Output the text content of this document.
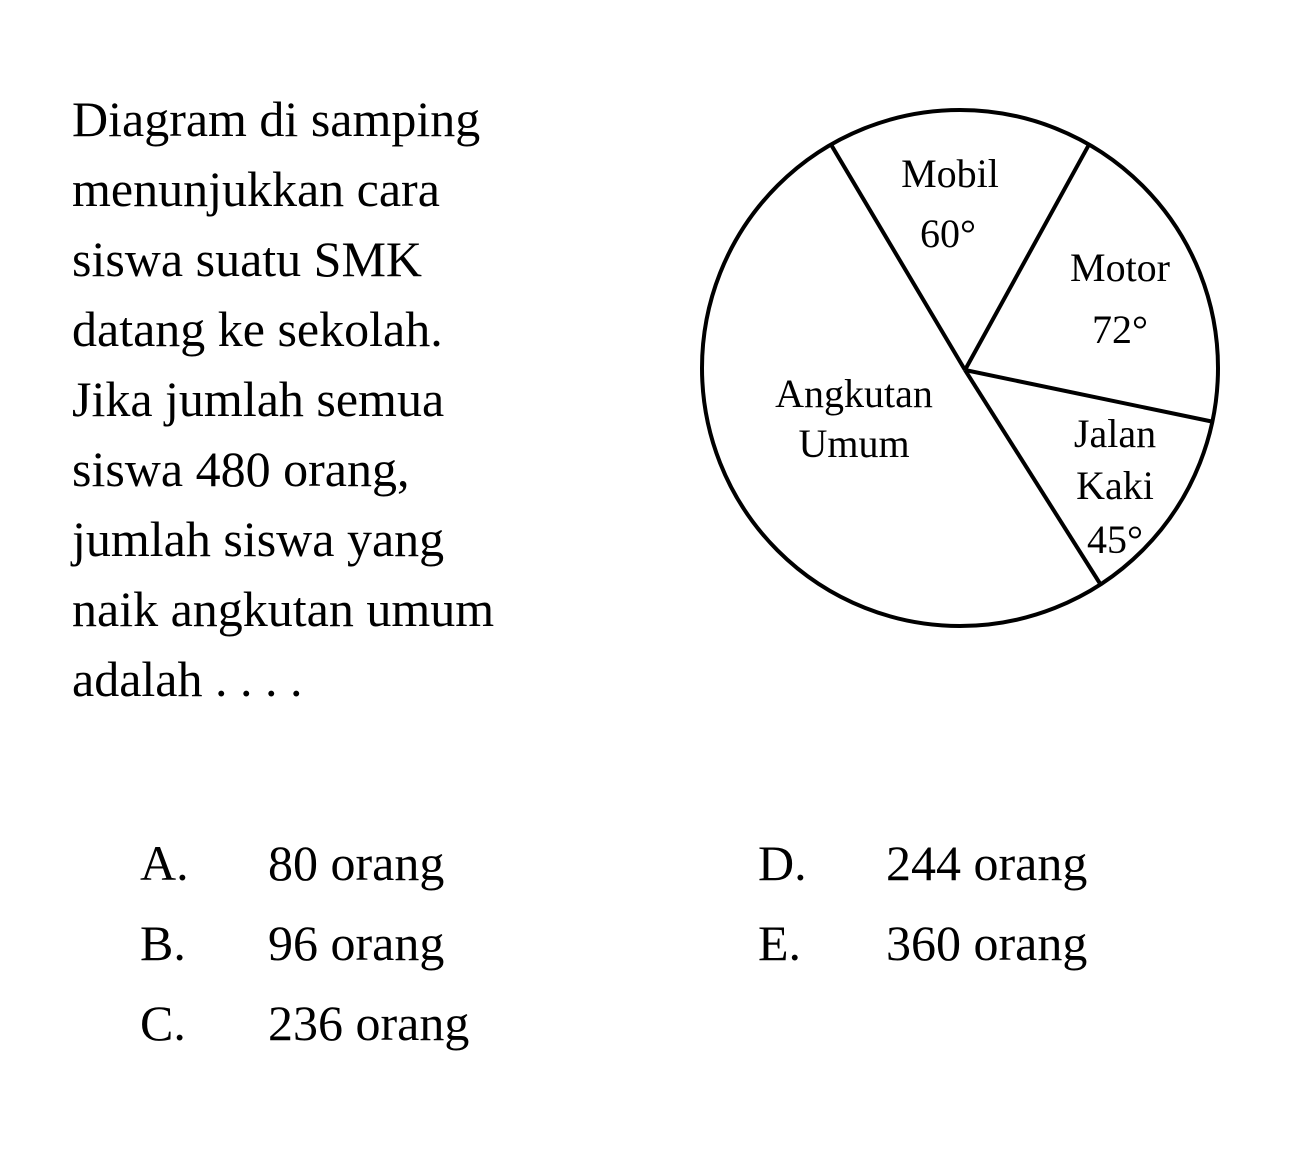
Diagram di samping
menunjukkan cara
siswa suatu SMK
datang ke sekolah.
Jika jumlah semua
siswa 480 orang,
jumlah siswa yang
naik angkutan umum
adalah . . . .
Mobil
60°
Motor
72°
Jalan
Kaki
45°
Angkutan
Umum
A. 80 orang
B. 96 orang
C. 236 orang
D. 244 orang
E. 360 orang
